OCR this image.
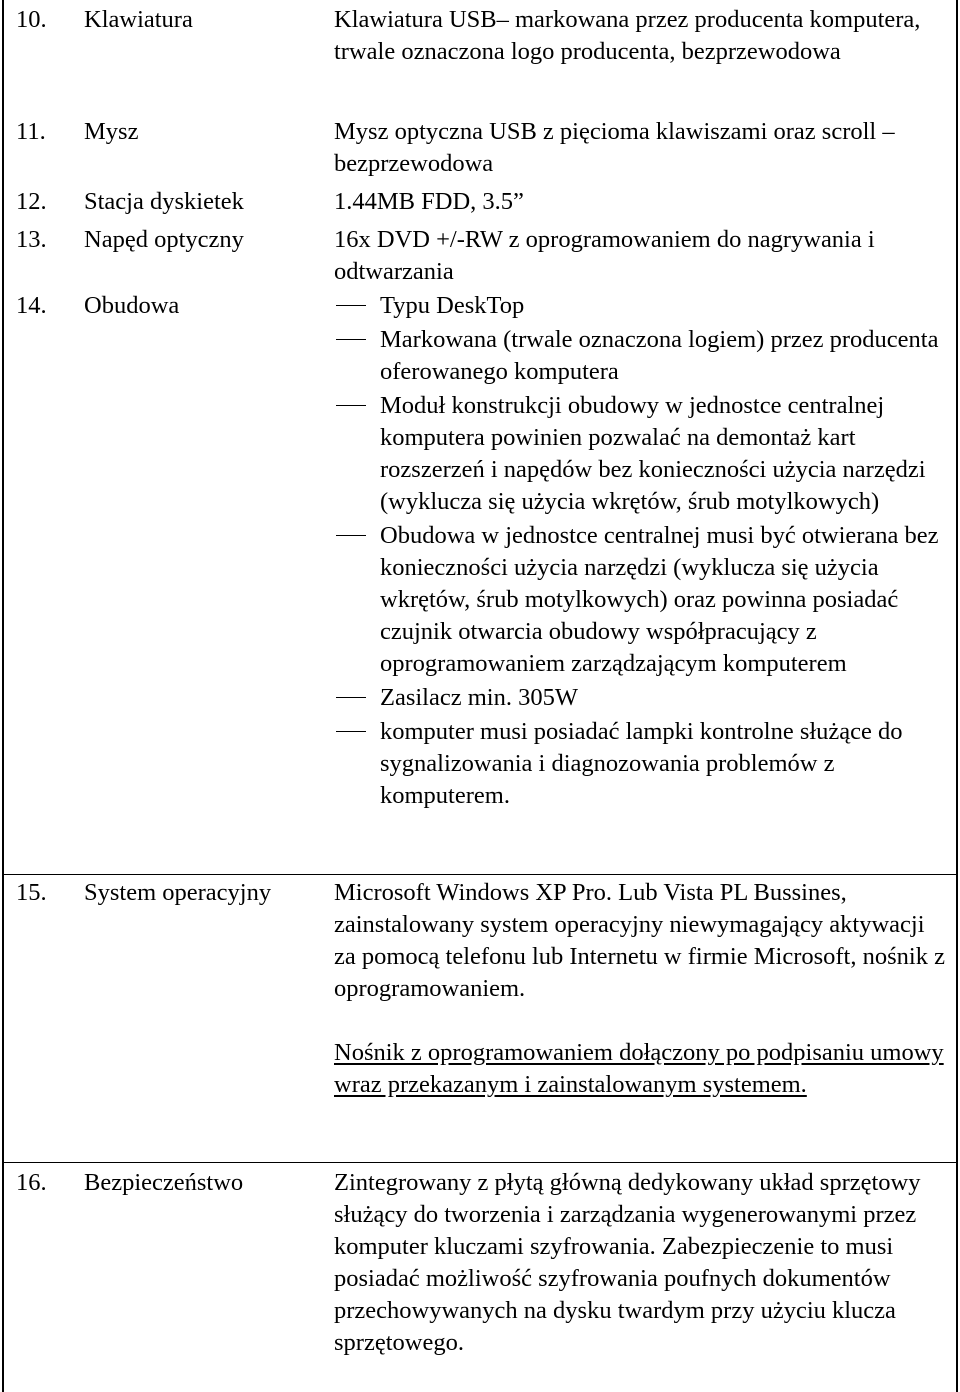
10. Klawiatura	Klawiatura USB– markowana przez producenta komputera, trwale oznaczona logo producenta, bezprzewodowa
11. Mysz	Mysz optyczna USB z pięcioma klawiszami oraz scroll – bezprzewodowa
12. Stacja dyskietek	1.44MB FDD, 3.5”
13. Napęd optyczny	16x DVD +/-RW z oprogramowaniem do nagrywania i odtwarzania
14. Obudowa	Typu DeskTop
Markowana (trwale oznaczona logiem) przez producenta oferowanego komputera
Moduł konstrukcji obudowy w jednostce centralnej komputera powinien pozwalać na demontaż kart rozszerzeń i napędów bez konieczności użycia narzędzi (wyklucza się użycia wkrętów, śrub motylkowych)
Obudowa w jednostce centralnej musi być otwierana bez konieczności użycia narzędzi (wyklucza się użycia wkrętów, śrub motylkowych) oraz powinna posiadać czujnik otwarcia obudowy współpracujący z oprogramowaniem zarządzającym komputerem
Zasilacz min. 305W
komputer musi posiadać lampki kontrolne służące do sygnalizowania i diagnozowania problemów z komputerem.
15. System operacyjny	Microsoft Windows XP Pro. Lub Vista PL Bussines, zainstalowany system operacyjny niewymagający aktywacji za pomocą telefonu lub Internetu w firmie Microsoft, nośnik z oprogramowaniem.
Nośnik z oprogramowaniem dołączony po podpisaniu umowy wraz przekazanym i zainstalowanym systemem.
16. Bezpieczeństwo	Zintegrowany z płytą główną dedykowany układ sprzętowy służący do tworzenia i zarządzania wygenerowanymi przez komputer kluczami szyfrowania. Zabezpieczenie to musi posiadać możliwość szyfrowania poufnych dokumentów przechowywanych na dysku twardym przy użyciu klucza sprzętowego.
